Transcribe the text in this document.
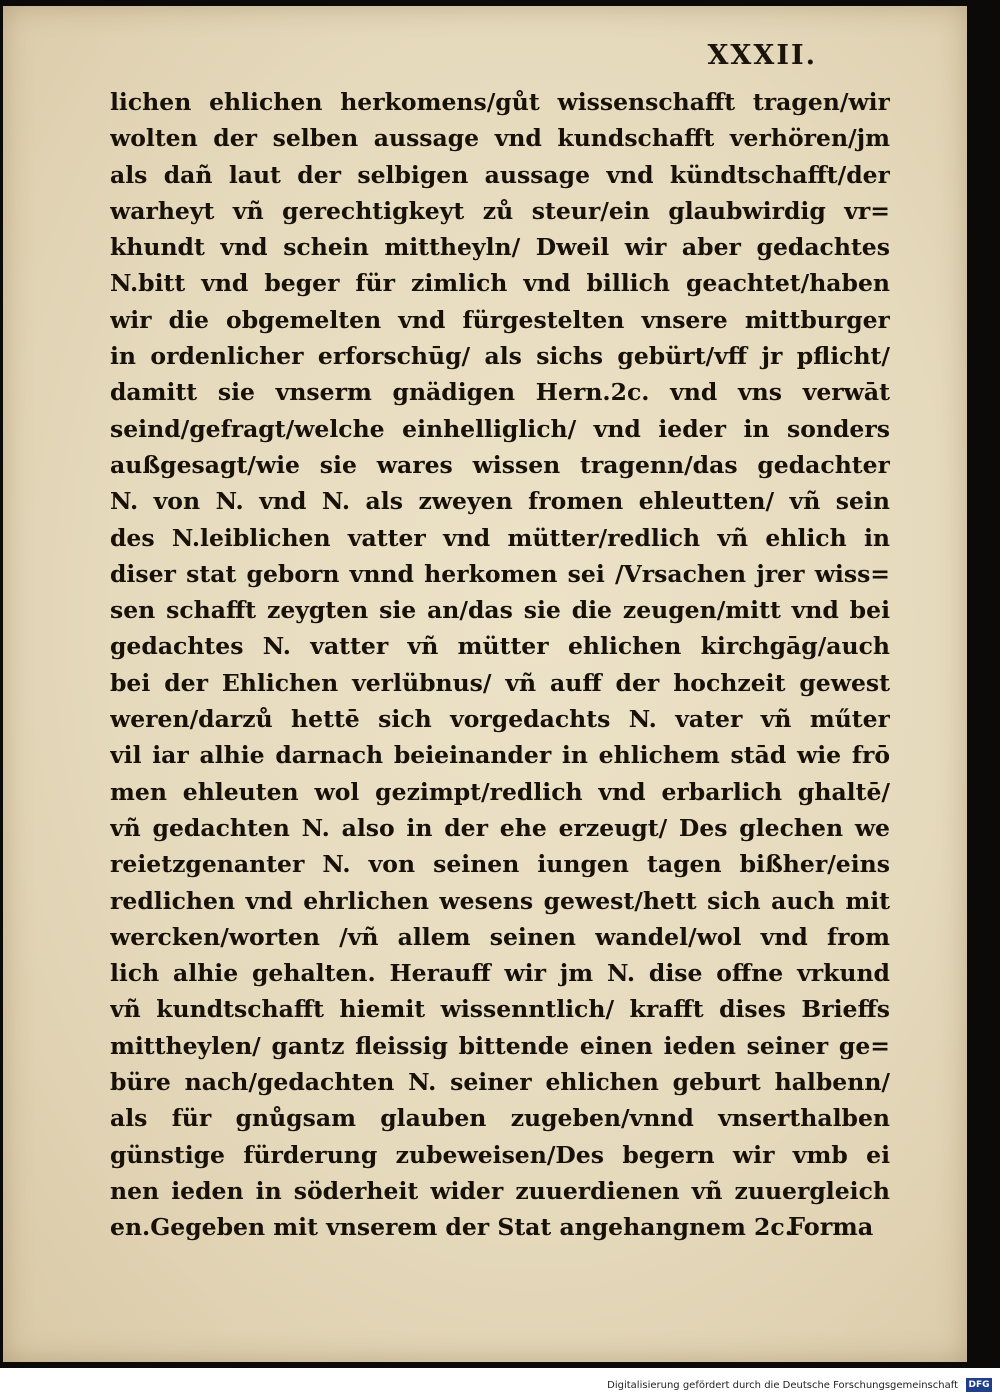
XXXII.
lichen ehlichen herkomens/gůt wissenschafft tragen/wir
wolten der selben aussage vnd kundschafft verhören/jm
als dañ laut der selbigen aussage vnd kündtschafft/der
warheyt vñ gerechtigkeyt zů steur/ein glaubwirdig vr=
khundt vnd schein mittheyln/ Dweil wir aber gedachtes
N.bitt vnd beger für zimlich vnd billich geachtet/haben
wir die obgemelten vnd fürgestelten vnsere mittburger
in ordenlicher erforschūg/ als sichs gebürt/vff jr pflicht/
damitt sie vnserm gnädigen Hern.2c. vnd vns verwāt
seind/gefragt/welche einhelliglich/ vnd ieder in sonders
außgesagt/wie sie wares wissen tragenn/das gedachter
N. von N. vnd N. als zweyen fromen ehleutten/ vñ sein
des N.leiblichen vatter vnd mütter/redlich vñ ehlich in
diser stat geborn vnnd herkomen sei /Vrsachen jrer wiss=
sen schafft zeygten sie an/das sie die zeugen/mitt vnd bei
gedachtes N. vatter vñ mütter ehlichen kirchgāg/auch
bei der Ehlichen verlübnus/ vñ auff der hochzeit gewest
weren/darzů hettē sich vorgedachts N. vater vñ műter
vil iar alhie darnach beieinander in ehlichem stād wie frō
men ehleuten wol gezimpt/redlich vnd erbarlich ghaltē/
vñ gedachten N. also in der ehe erzeugt/ Des glechen we
reietzgenanter N. von seinen iungen tagen bißher/eins
redlichen vnd ehrlichen wesens gewest/hett sich auch mit
wercken/worten /vñ allem seinen wandel/wol vnd from
lich alhie gehalten. Herauff wir jm N. dise offne vrkund
vñ kundtschafft hiemit wissenntlich/ krafft dises Brieffs
mittheylen/ gantz fleissig bittende einen ieden seiner ge=
büre nach/gedachten N. seiner ehlichen geburt halbenn/
als für gnůgsam glauben zugeben/vnnd vnserthalben
günstige fürderung zubeweisen/Des begern wir vmb ei
nen ieden in söderheit wider zuuerdienen vñ zuuergleich
en.Gegeben mit vnserem der Stat angehangnem 2c.
Forma
Digitalisierung gefördert durch die Deutsche Forschungsgemeinschaft DFG
